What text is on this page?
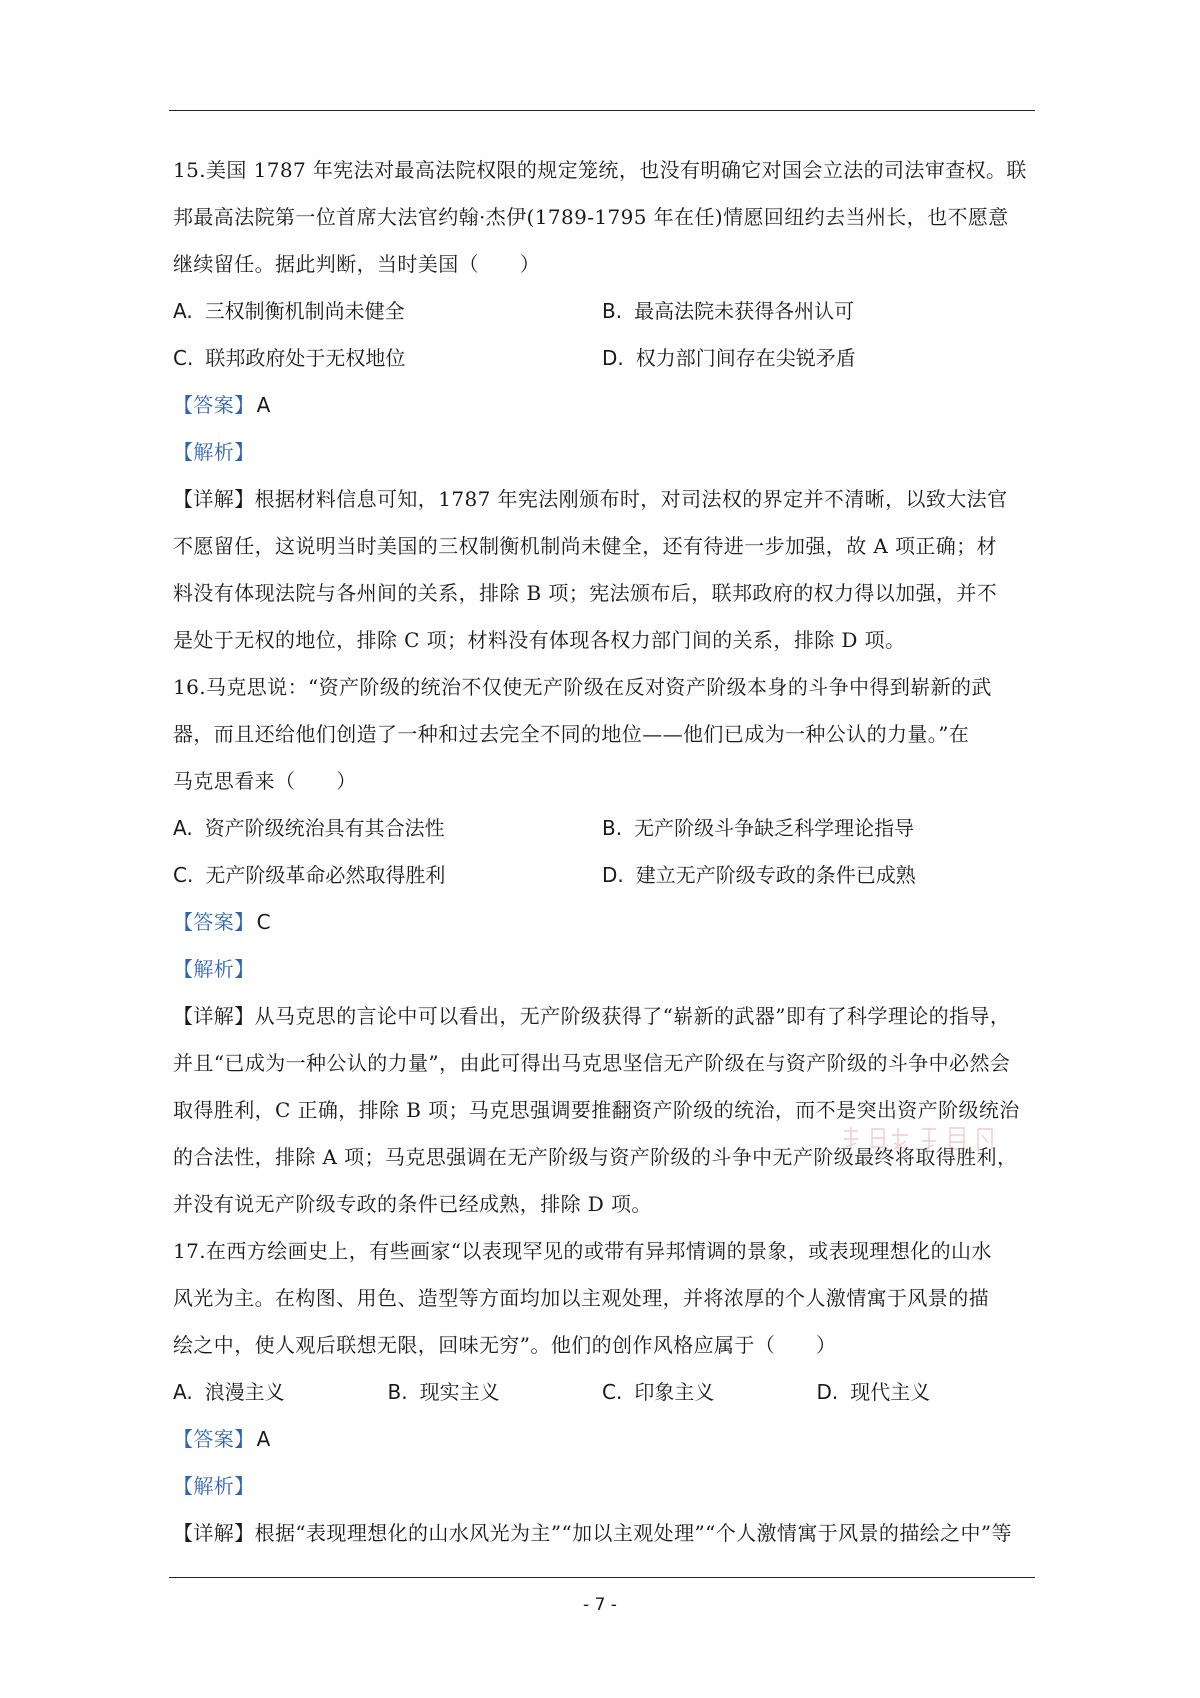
15.美国 1787 年宪法对最高法院权限的规定笼统，也没有明确它对国会立法的司法审查权。联
邦最高法院第一位首席大法官约翰·杰伊(1789-1795 年在任)情愿回纽约去当州长，也不愿意
继续留任。据此判断，当时美国（　　）
A. 三权制衡机制尚未健全	B. 最高法院未获得各州认可
C. 联邦政府处于无权地位	D. 权力部门间存在尖锐矛盾
【答案】 A
【解析】
【详解】根据材料信息可知，1787 年宪法刚颁布时，对司法权的界定并不清晰，以致大法官
不愿留任，这说明当时美国的三权制衡机制尚未健全，还有待进一步加强，故 A 项正确；材
料没有体现法院与各州间的关系，排除 B 项；宪法颁布后，联邦政府的权力得以加强，并不
是处于无权的地位，排除 C 项；材料没有体现各权力部门间的关系，排除 D 项。
16.马克思说：“资产阶级的统治不仅使无产阶级在反对资产阶级本身的斗争中得到崭新的武
器，而且还给他们创造了一种和过去完全不同的地位——他们已成为一种公认的力量。”在
马克思看来（　　）
A. 资产阶级统治具有其合法性	B. 无产阶级斗争缺乏科学理论指导
C. 无产阶级革命必然取得胜利	D. 建立无产阶级专政的条件已成熟
【答案】 C
【解析】
【详解】从马克思的言论中可以看出，无产阶级获得了“崭新的武器”即有了科学理论的指导，
并且“已成为一种公认的力量”，由此可得出马克思坚信无产阶级在与资产阶级的斗争中必然会
取得胜利，C 正确，排除 B 项；马克思强调要推翻资产阶级的统治，而不是突出资产阶级统治
的合法性，排除 A 项；马克思强调在无产阶级与资产阶级的斗争中无产阶级最终将取得胜利，
并没有说无产阶级专政的条件已经成熟，排除 D 项。
17.在西方绘画史上，有些画家“以表现罕见的或带有异邦情调的景象，或表现理想化的山水
风光为主。在构图、用色、造型等方面均加以主观处理，并将浓厚的个人激情寓于风景的描
绘之中，使人观后联想无限，回味无穷”。他们的创作风格应属于（　　）
A. 浪漫主义	B. 现实主义	C. 印象主义	D. 现代主义
【答案】 A
【解析】
【详解】根据“表现理想化的山水风光为主”“加以主观处理”“个人激情寓于风景的描绘之中”等
- 7 -
